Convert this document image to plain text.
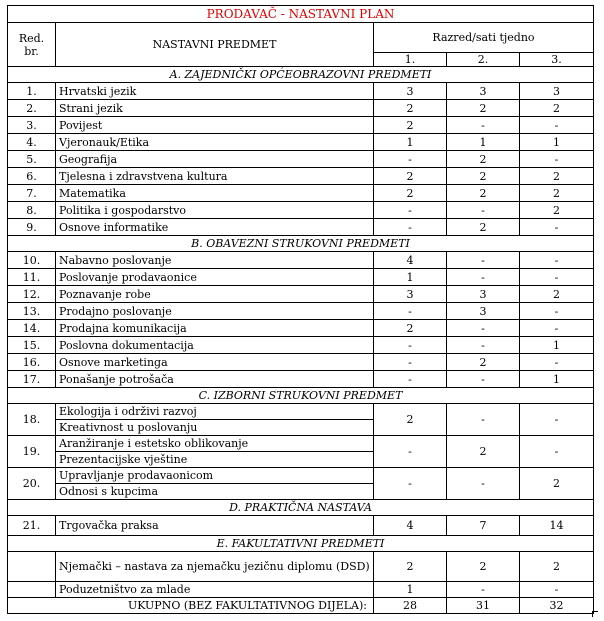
PRODAVAČ - NASTAVNI PLAN				
Red. br.	NASTAVNI PREDMET	Razred/sati tjedno		
		1.	2.	3.
A. ZAJEDNIČKI OPĆEOBRAZOVNI PREDMETI				
1.	Hrvatski jezik	3	3	3
2.	Strani jezik	2	2	2
3.	Povijest	2	-	-
4.	Vjeronauk/Etika	1	1	1
5.	Geografija	-	2	-
6.	Tjelesna i zdravstvena kultura	2	2	2
7.	Matematika	2	2	2
8.	Politika i gospodarstvo	-	-	2
9.	Osnove informatike	-	2	-
B. OBAVEZNI STRUKOVNI PREDMETI				
10.	Nabavno poslovanje	4	-	-
11.	Poslovanje prodavaonice	1	-	-
12.	Poznavanje robe	3	3	2
13.	Prodajno poslovanje	-	3	-
14.	Prodajna komunikacija	2	-	-
15.	Poslovna dokumentacija	-	-	1
16.	Osnove marketinga	-	2	-
17.	Ponašanje potrošača	-	-	1
C. IZBORNI STRUKOVNI PREDMET				
18.	Ekologija i održivi razvoj	2	-	-
	Kreativnost u poslovanju			
19.	Aranžiranje i estetsko oblikovanje	-	2	-
	Prezentacijske vještine			
20.	Upravljanje prodavaonicom	-	-	2
	Odnosi s kupcima			
D. PRAKTIČNA NASTAVA				
21.	Trgovačka praksa	4	7	14
E. FAKULTATIVNI PREDMETI				
	Njemački – nastava za njemačku jezičnu diplomu (DSD)	2	2	2
	Poduzetništvo za mlade	1	-	-
UKUPNO (BEZ FAKULTATIVNOG DIJELA):		28	31	32
